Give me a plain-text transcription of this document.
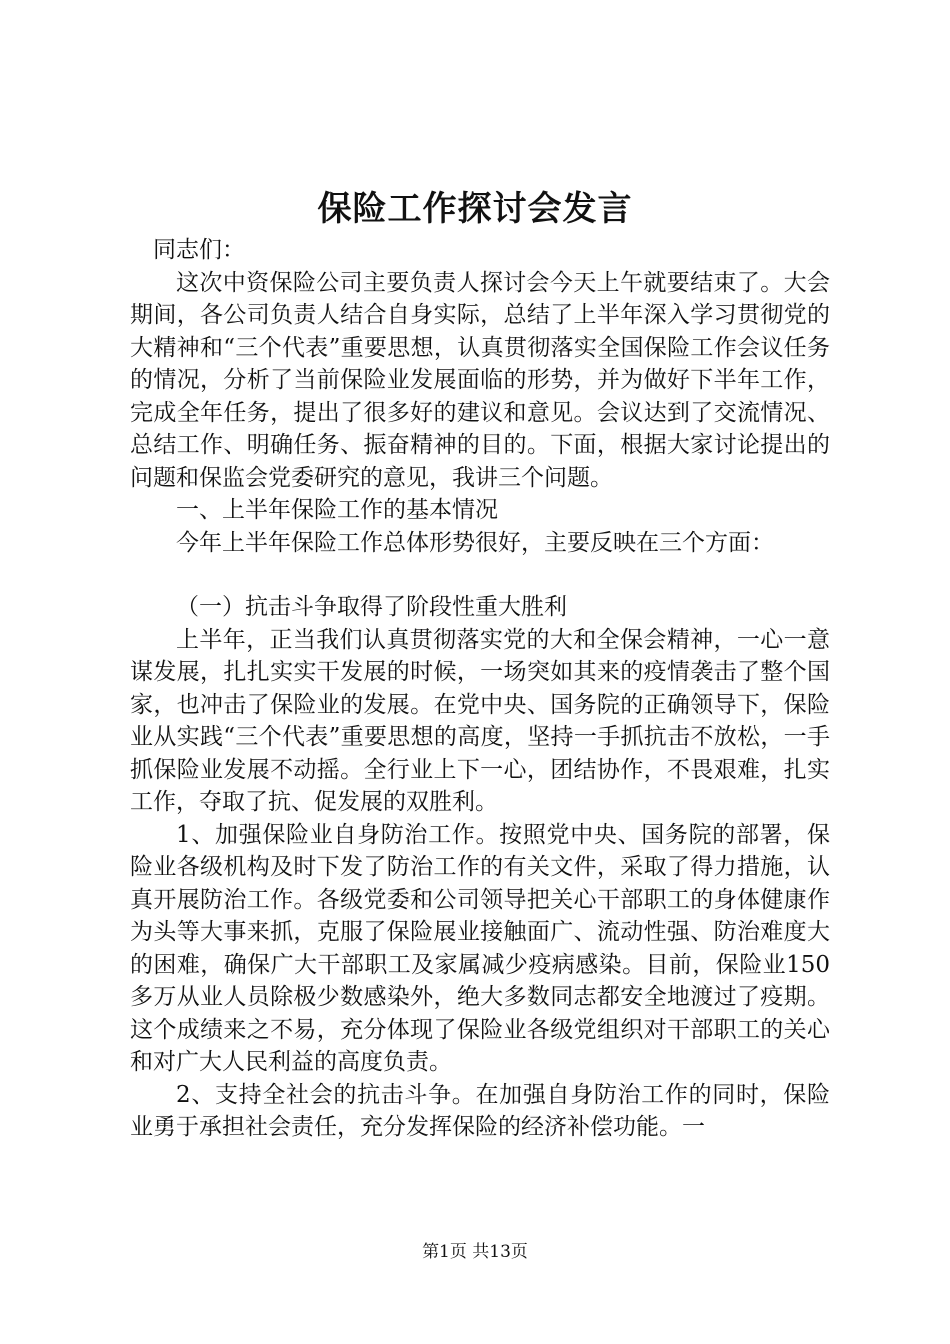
保险工作探讨会发言

同志们：

这次中资保险公司主要负责人探讨会今天上午就要结束了。大会期间，各公司负责人结合自身实际，总结了上半年深入学习贯彻党的大精神和“三个代表”重要思想，认真贯彻落实全国保险工作会议任务的情况，分析了当前保险业发展面临的形势，并为做好下半年工作，完成全年任务，提出了很多好的建议和意见。会议达到了交流情况、总结工作、明确任务、振奋精神的目的。下面，根据大家讨论提出的问题和保监会党委研究的意见，我讲三个问题。

一、上半年保险工作的基本情况

今年上半年保险工作总体形势很好，主要反映在三个方面：

（一）抗击斗争取得了阶段性重大胜利

上半年，正当我们认真贯彻落实党的大和全保会精神，一心一意谋发展，扎扎实实干发展的时候，一场突如其来的疫情袭击了整个国家，也冲击了保险业的发展。在党中央、国务院的正确领导下，保险业从实践“三个代表”重要思想的高度，坚持一手抓抗击不放松，一手抓保险业发展不动摇。全行业上下一心，团结协作，不畏艰难，扎实工作，夺取了抗、促发展的双胜利。

1、加强保险业自身防治工作。按照党中央、国务院的部署，保险业各级机构及时下发了防治工作的有关文件，采取了得力措施，认真开展防治工作。各级党委和公司领导把关心干部职工的身体健康作为头等大事来抓，克服了保险展业接触面广、流动性强、防治难度大的困难，确保广大干部职工及家属减少疫病感染。目前，保险业150多万从业人员除极少数感染外，绝大多数同志都安全地渡过了疫期。这个成绩来之不易，充分体现了保险业各级党组织对干部职工的关心和对广大人民利益的高度负责。

2、支持全社会的抗击斗争。在加强自身防治工作的同时，保险业勇于承担社会责任，充分发挥保险的经济补偿功能。一

第1页 共13页
